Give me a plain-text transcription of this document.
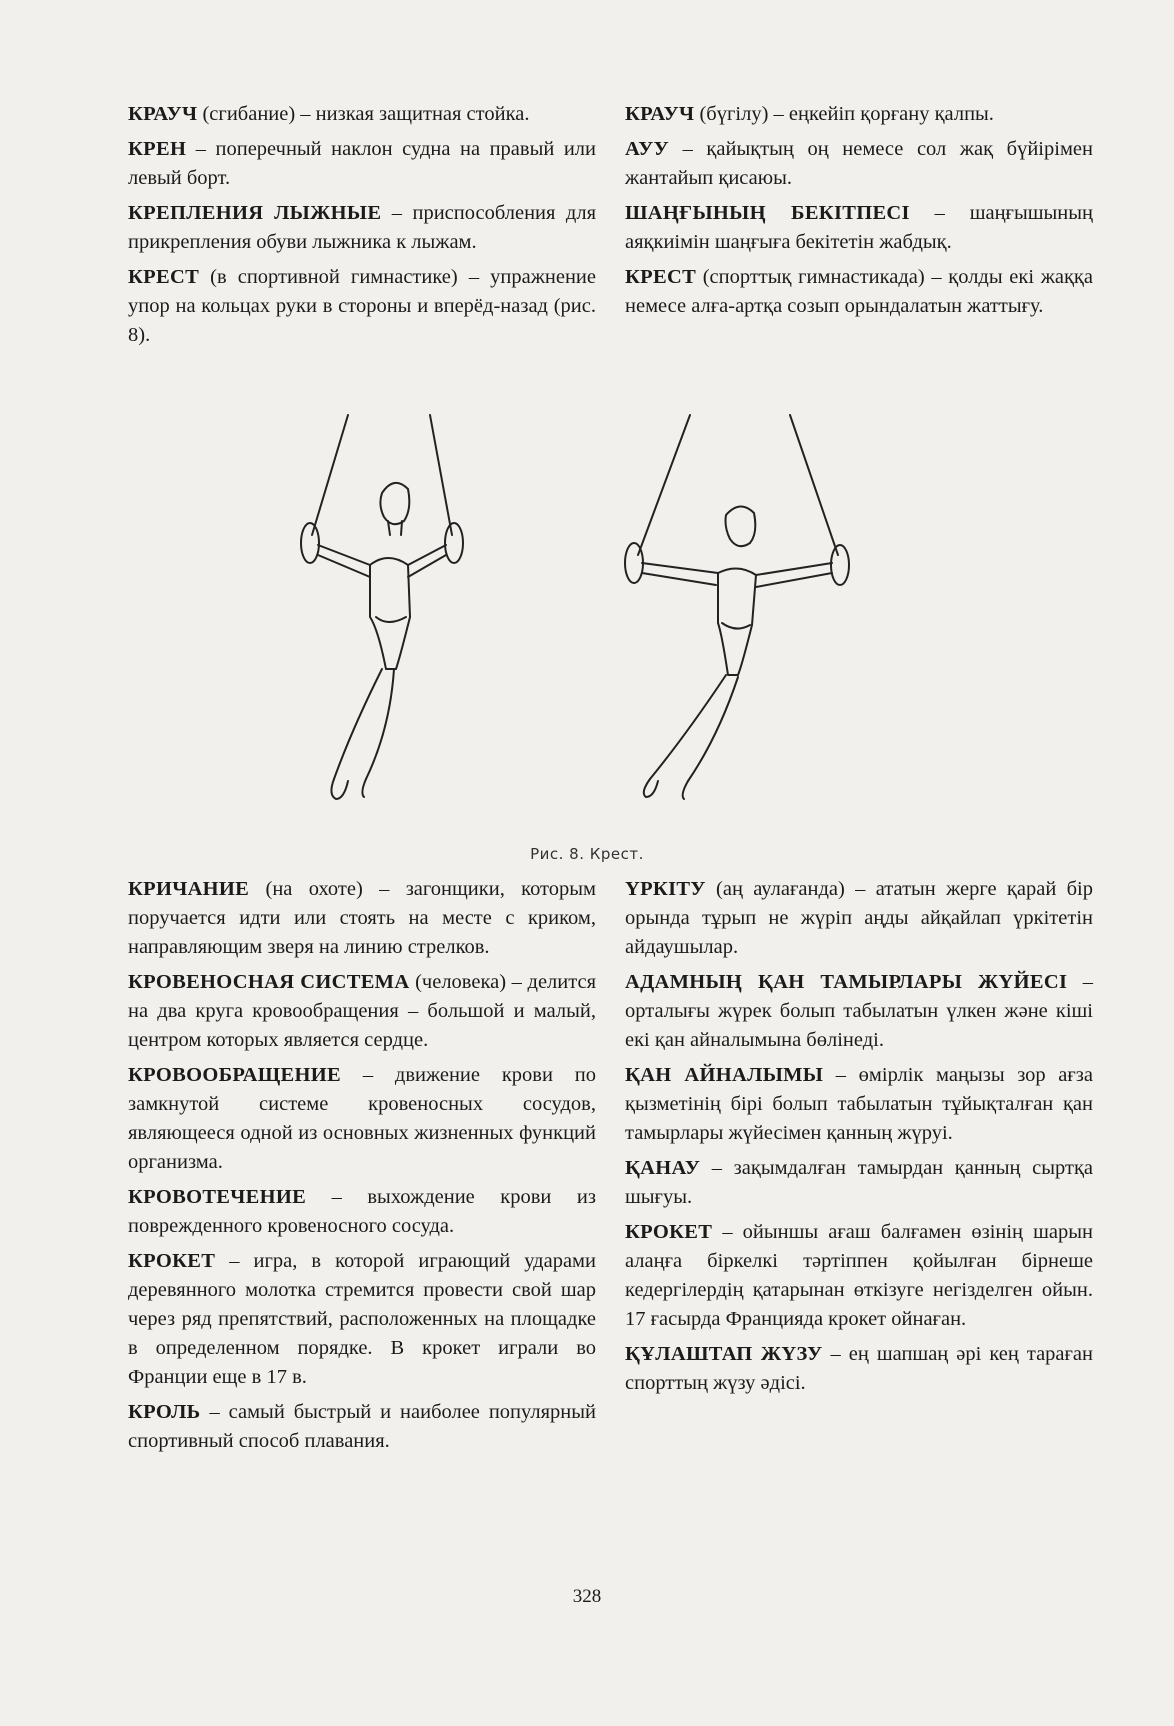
КРАУЧ (сгибание) – низкая защитная стойка.

КРЕН – поперечный наклон судна на правый или левый борт.

КРЕПЛЕНИЯ ЛЫЖНЫЕ – приспособления для прикрепления обуви лыжника к лыжам.

КРЕСТ (в спортивной гимнастике) – упражнение упор на кольцах руки в стороны и вперёд-назад (рис. 8).

КРАУЧ (бүгілу) – еңкейіп қорғану қалпы.

АУУ – қайықтың оң немесе сол жақ бүйірімен жантайып қисаюы.

ШАҢҒЫНЫҢ БЕКІТПЕСІ – шаңғышының аяқкиімін шаңғыға бекітетін жабдық.

КРЕСТ (спорттық гимнастикада) – қолды екі жаққа немесе алға-артқа созып орындалатын жаттығу.

Рис. 8. Крест.

КРИЧАНИЕ (на охоте) – загонщики, которым поручается идти или стоять на месте с криком, направляющим зверя на линию стрелков.

КРОВЕНОСНАЯ СИСТЕМА (человека) – делится на два круга кровообращения – большой и малый, центром которых является сердце.

КРОВООБРАЩЕНИЕ – движение крови по замкнутой системе кровеносных сосудов, являющееся одной из основных жизненных функций организма.

КРОВОТЕЧЕНИЕ – выхождение крови из поврежденного кровеносного сосуда.

КРОКЕТ – игра, в которой играющий ударами деревянного молотка стремится провести свой шар через ряд препятствий, расположенных на площадке в определенном порядке. В крокет играли во Франции еще в 17 в.

КРОЛЬ – самый быстрый и наиболее популярный спортивный способ плавания.

ҮРКІТУ (аң аулағанда) – ататын жерге қарай бір орында тұрып не жүріп аңды айқайлап үркітетін айдаушылар.

АДАМНЫҢ ҚАН ТАМЫРЛАРЫ ЖҮЙЕСІ – орталығы жүрек болып табылатын үлкен және кіші екі қан айналымына бөлінеді.

ҚАН АЙНАЛЫМЫ – өмірлік маңызы зор ағза қызметінің бірі болып табылатын тұйықталған қан тамырлары жүйесімен қанның жүруі.

ҚАНАУ – зақымдалған тамырдан қанның сыртқа шығуы.

КРОКЕТ – ойыншы ағаш балғамен өзінің шарын алаңға біркелкі тәртіппен қойылған бірнеше кедергілердің қатарынан өткізуге негізделген ойын. 17 ғасырда Францияда крокет ойнаған.

ҚҰЛАШТАП ЖҮЗУ – ең шапшаң әрі кең тараған спорттың жүзу әдісі.

328
